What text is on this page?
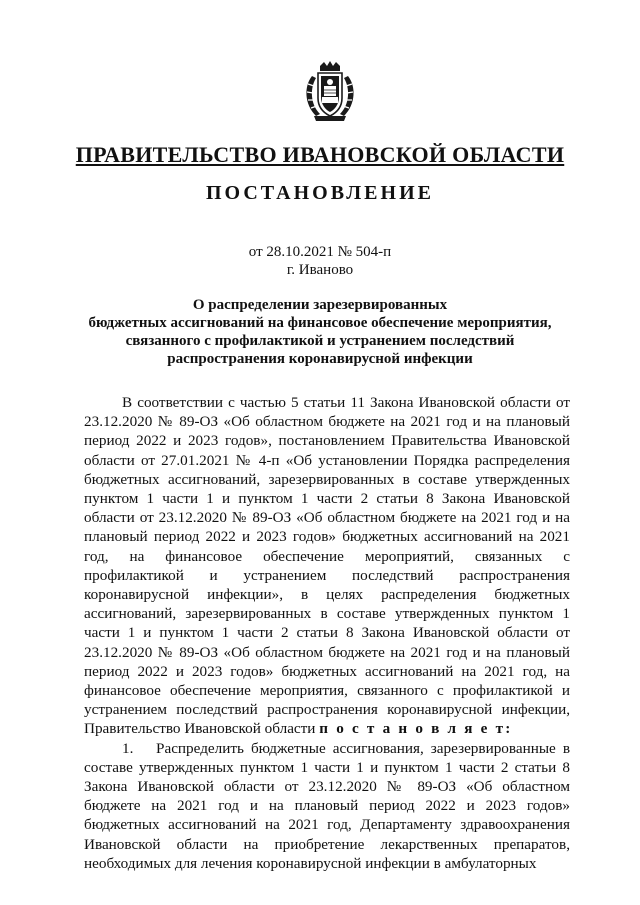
ПРАВИТЕЛЬСТВО ИВАНОВСКОЙ ОБЛАСТИ
ПОСТАНОВЛЕНИЕ
от 28.10.2021 № 504-п
г. Иваново
О распределении зарезервированных
бюджетных ассигнований на финансовое обеспечение мероприятия,
связанного с профилактикой и устранением последствий
распространения коронавирусной инфекции

В соответствии с частью 5 статьи 11 Закона Ивановской области от 23.12.2020 № 89-ОЗ «Об областном бюджете на 2021 год и на плановый период 2022 и 2023 годов», постановлением Правительства Ивановской области от 27.01.2021 № 4-п «Об установлении Порядка распределения бюджетных ассигнований, зарезервированных в составе утвержденных пунктом 1 части 1 и пунктом 1 части 2 статьи 8 Закона Ивановской области от 23.12.2020 № 89-ОЗ «Об областном бюджете на 2021 год и на плановый период 2022 и 2023 годов» бюджетных ассигнований на 2021 год, на финансовое обеспечение мероприятий, связанных с профилактикой и устранением последствий распространения коронавирусной инфекции», в целях распределения бюджетных ассигнований, зарезервированных в составе утвержденных пунктом 1 части 1 и пунктом 1 части 2 статьи 8 Закона Ивановской области от 23.12.2020 № 89-ОЗ «Об областном бюджете на 2021 год и на плановый период 2022 и 2023 годов» бюджетных ассигнований на 2021 год, на финансовое обеспечение мероприятия, связанного с профилактикой и устранением последствий распространения коронавирусной инфекции, Правительство Ивановской области п о с т а н о в л я е т:

1. Распределить бюджетные ассигнования, зарезервированные в составе утвержденных пунктом 1 части 1 и пунктом 1 части 2 статьи 8 Закона Ивановской области от 23.12.2020 № 89-ОЗ «Об областном бюджете на 2021 год и на плановый период 2022 и 2023 годов» бюджетных ассигнований на 2021 год, Департаменту здравоохранения Ивановской области на приобретение лекарственных препаратов, необходимых для лечения коронавирусной инфекции в амбулаторных
